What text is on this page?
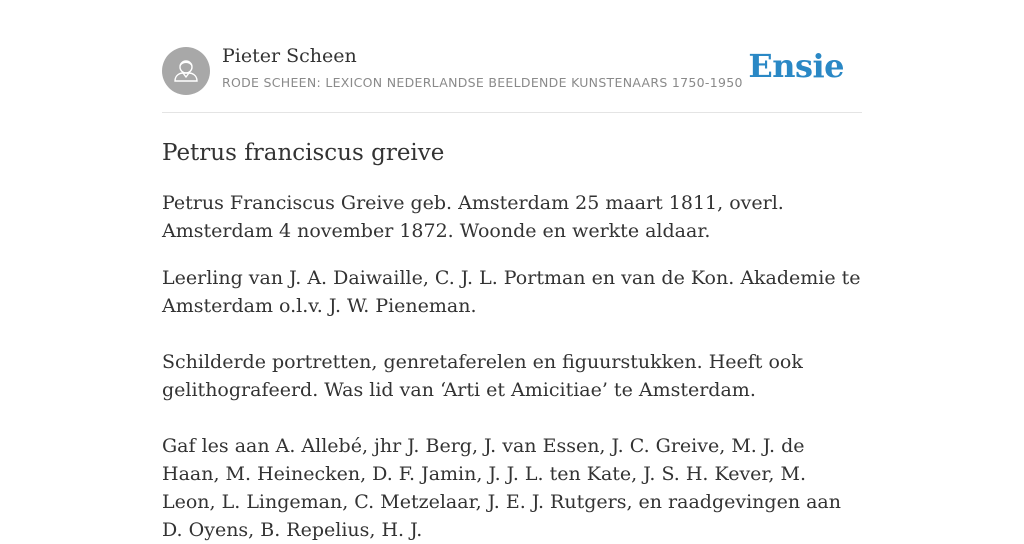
Pieter Scheen
RODE SCHEEN: LEXICON NEDERLANDSE BEELDENDE KUNSTENAARS 1750-1950 Ensie
Petrus franciscus greive

Petrus Franciscus Greive geb. Amsterdam 25 maart 1811, overl. Amsterdam 4 november 1872. Woonde en werkte aldaar.

Leerling van J. A. Daiwaille, C. J. L. Portman en van de Kon. Akademie te Amsterdam o.l.v. J. W. Pieneman.
Schilderde portretten, genretaferelen en figuurstukken. Heeft ook gelithografeerd. Was lid van ‘Arti et Amicitiae’ te Amsterdam.
Gaf les aan A. Allebé, jhr J. Berg, J. van Essen, J. C. Greive, M. J. de Haan, M. Heinecken, D. F. Jamin, J. J. L. ten Kate, J. S. H. Kever, M. Leon, L. Lingeman, C. Metzelaar, J. E. J. Rutgers, en raadgevingen aan D. Oyens, B. Repelius, H. J.
